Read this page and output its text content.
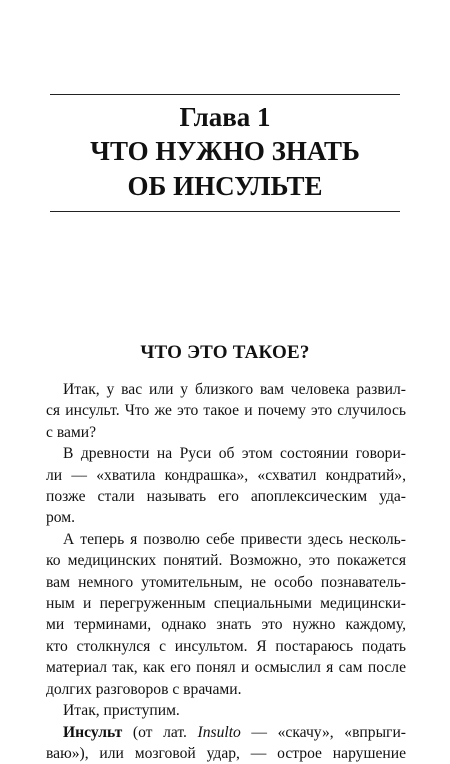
Глава 1
ЧТО НУЖНО ЗНАТЬ
ОБ ИНСУЛЬТЕ
ЧТО ЭТО ТАКОЕ?

Итак, у вас или у близкого вам человека развил-
ся инсульт. Что же это такое и почему это случилось
с вами?

В древности на Руси об этом состоянии говори-
ли — «хватила кондрашка», «схватил кондратий»,
позже стали называть его апоплексическим уда-
ром.

А теперь я позволю себе привести здесь несколь-
ко медицинских понятий. Возможно, это покажется
вам немного утомительным, не особо познаватель-
ным и перегруженным специальными медицински-
ми терминами, однако знать это нужно каждому,
кто столкнулся с инсультом. Я постараюсь подать
материал так, как его понял и осмыслил я сам после
долгих разговоров с врачами.

Итак, приступим.

Инсульт (от лат. Insulto — «скачу», «впрыги-
ваю»), или мозговой удар, — острое нарушение
